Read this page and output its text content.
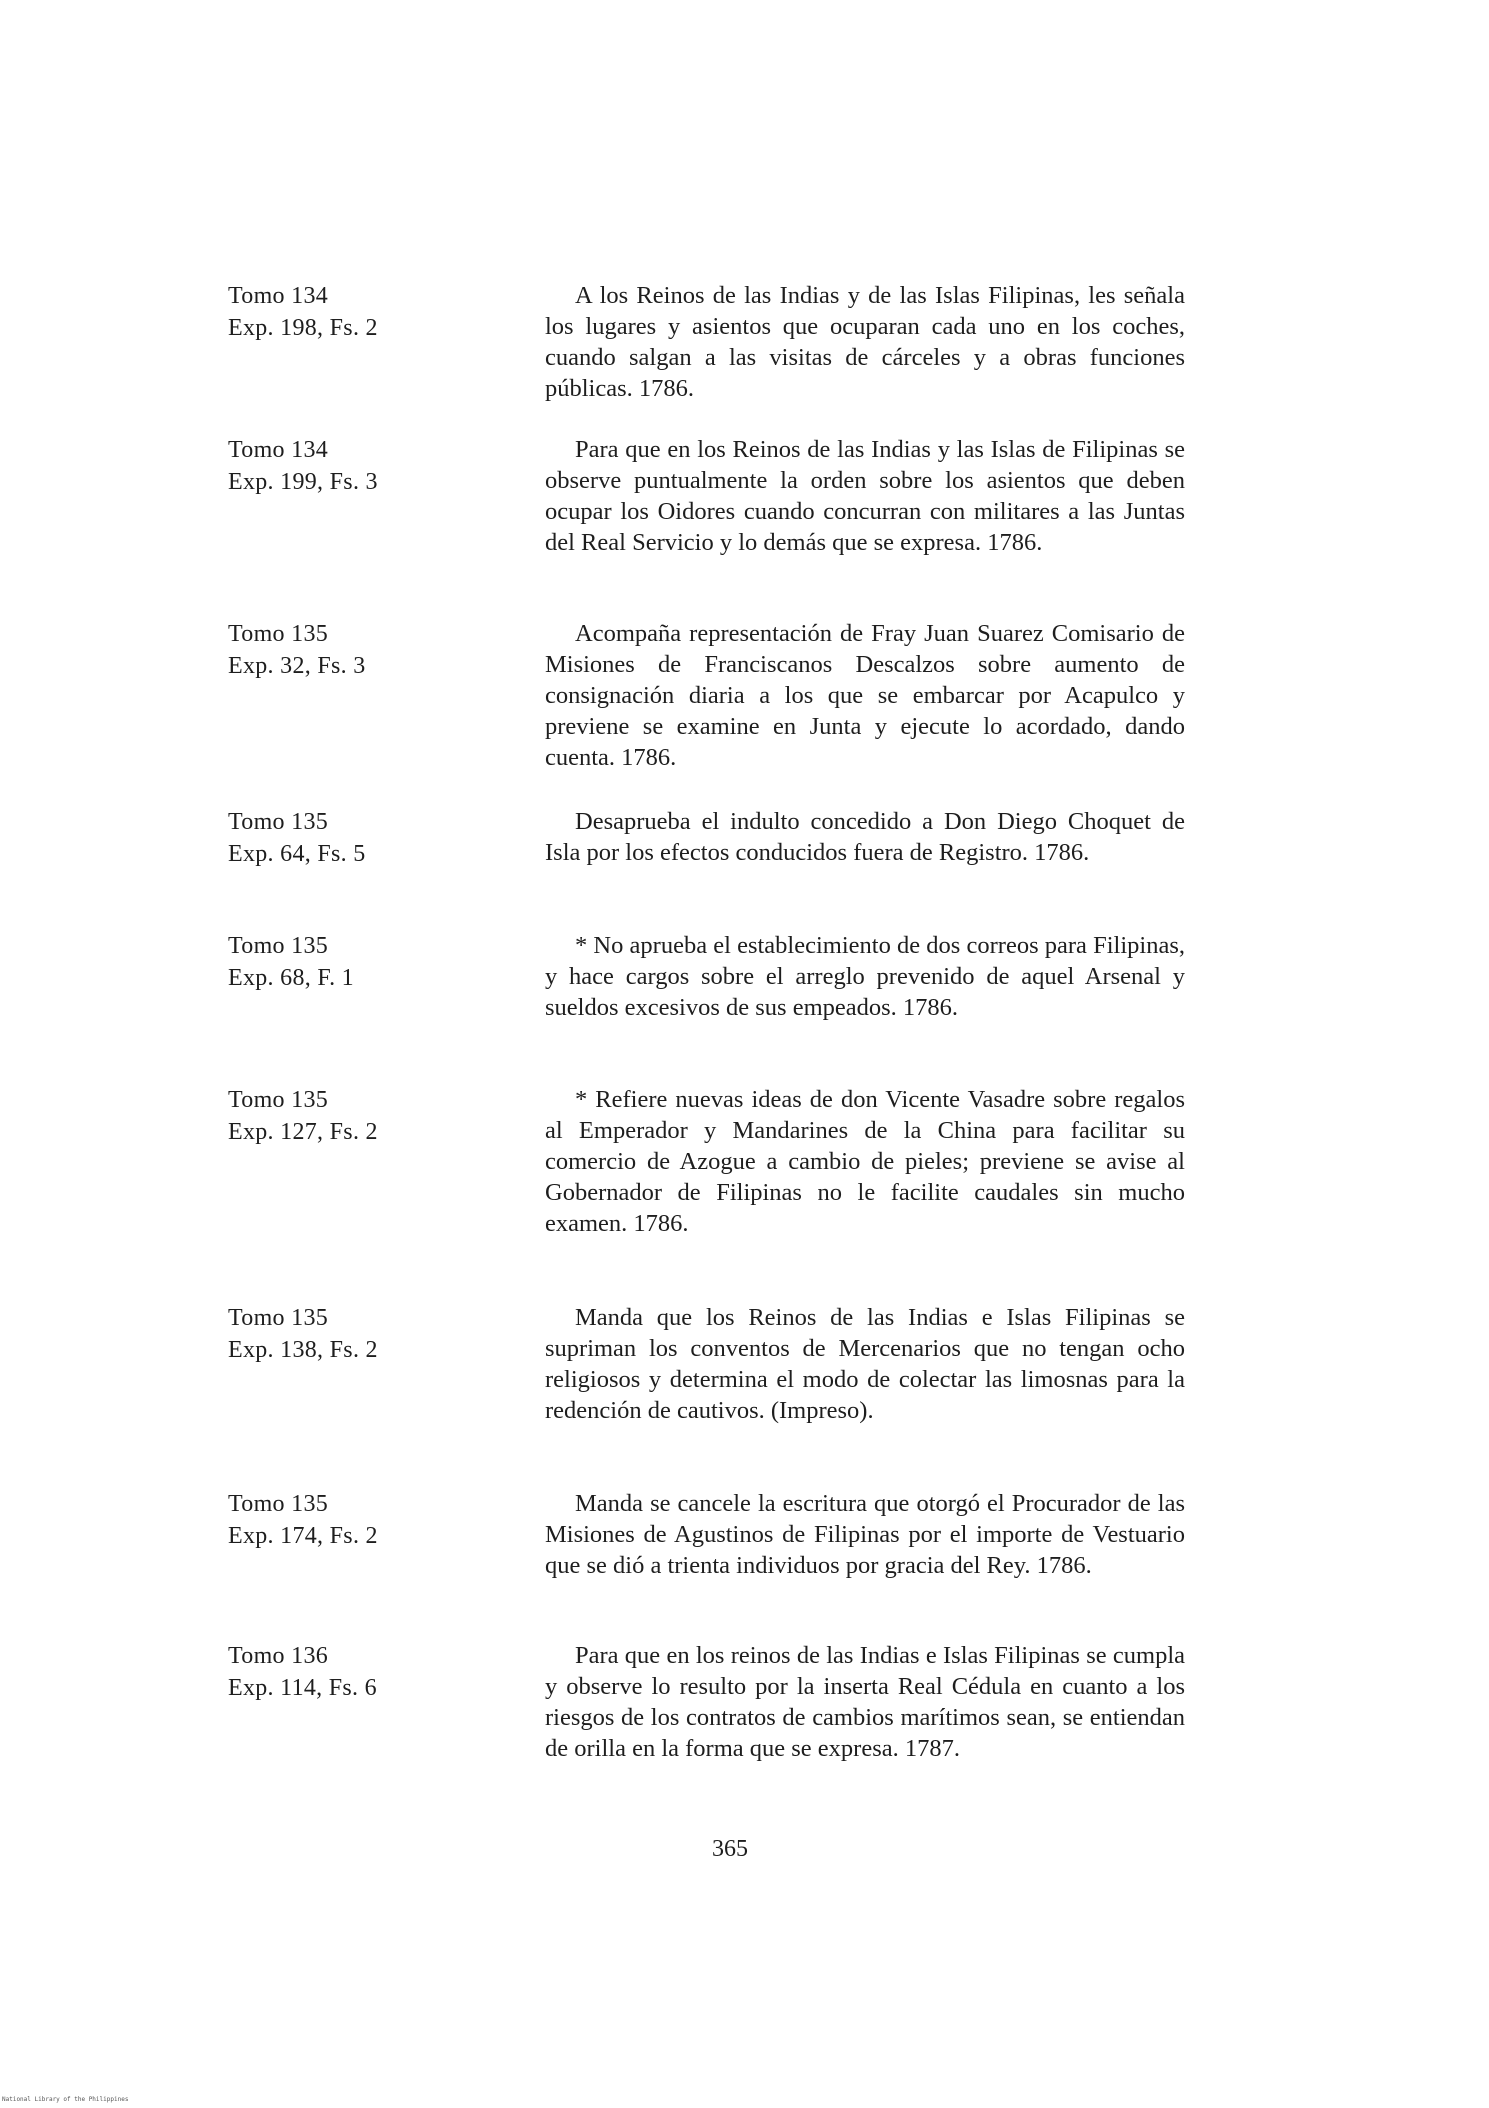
Tomo 134
Exp. 198, Fs. 2
A los Reinos de las Indias y de las Islas Filipinas, les señala los lugares y asientos que ocuparan cada uno en los coches, cuando salgan a las visitas de cárceles y a obras funciones públicas. 1786.
Tomo 134
Exp. 199, Fs. 3
Para que en los Reinos de las Indias y las Islas de Filipinas se observe puntualmente la orden sobre los asientos que deben ocupar los Oidores cuando concurran con militares a las Juntas del Real Servicio y lo demás que se expresa. 1786.
Tomo 135
Exp. 32, Fs. 3
Acompaña representación de Fray Juan Suarez Comisario de Misiones de Franciscanos Descalzos sobre aumento de consignación diaria a los que se embarcar por Acapulco y previene se examine en Junta y ejecute lo acordado, dando cuenta. 1786.
Tomo 135
Exp. 64, Fs. 5
Desaprueba el indulto concedido a Don Diego Choquet de Isla por los efectos conducidos fuera de Registro. 1786.
Tomo 135
Exp. 68, F. 1
* No aprueba el establecimiento de dos correos para Filipinas, y hace cargos sobre el arreglo prevenido de aquel Arsenal y sueldos excesivos de sus empeados. 1786.
Tomo 135
Exp. 127, Fs. 2
* Refiere nuevas ideas de don Vicente Vasadre sobre regalos al Emperador y Mandarines de la China para facilitar su comercio de Azogue a cambio de pieles; previene se avise al Gobernador de Filipinas no le facilite caudales sin mucho examen. 1786.
Tomo 135
Exp. 138, Fs. 2
Manda que los Reinos de las Indias e Islas Filipinas se supriman los conventos de Mercenarios que no tengan ocho religiosos y determina el modo de colectar las limosnas para la redención de cautivos. (Impreso).
Tomo 135
Exp. 174, Fs. 2
Manda se cancele la escritura que otorgó el Procurador de las Misiones de Agustinos de Filipinas por el importe de Vestuario que se dió a trienta individuos por gracia del Rey. 1786.
Tomo 136
Exp. 114, Fs. 6
Para que en los reinos de las Indias e Islas Filipinas se cumpla y observe lo resulto por la inserta Real Cédula en cuanto a los riesgos de los contratos de cambios marítimos sean, se entiendan de orilla en la forma que se expresa. 1787.
365
National Library of the Philippines
